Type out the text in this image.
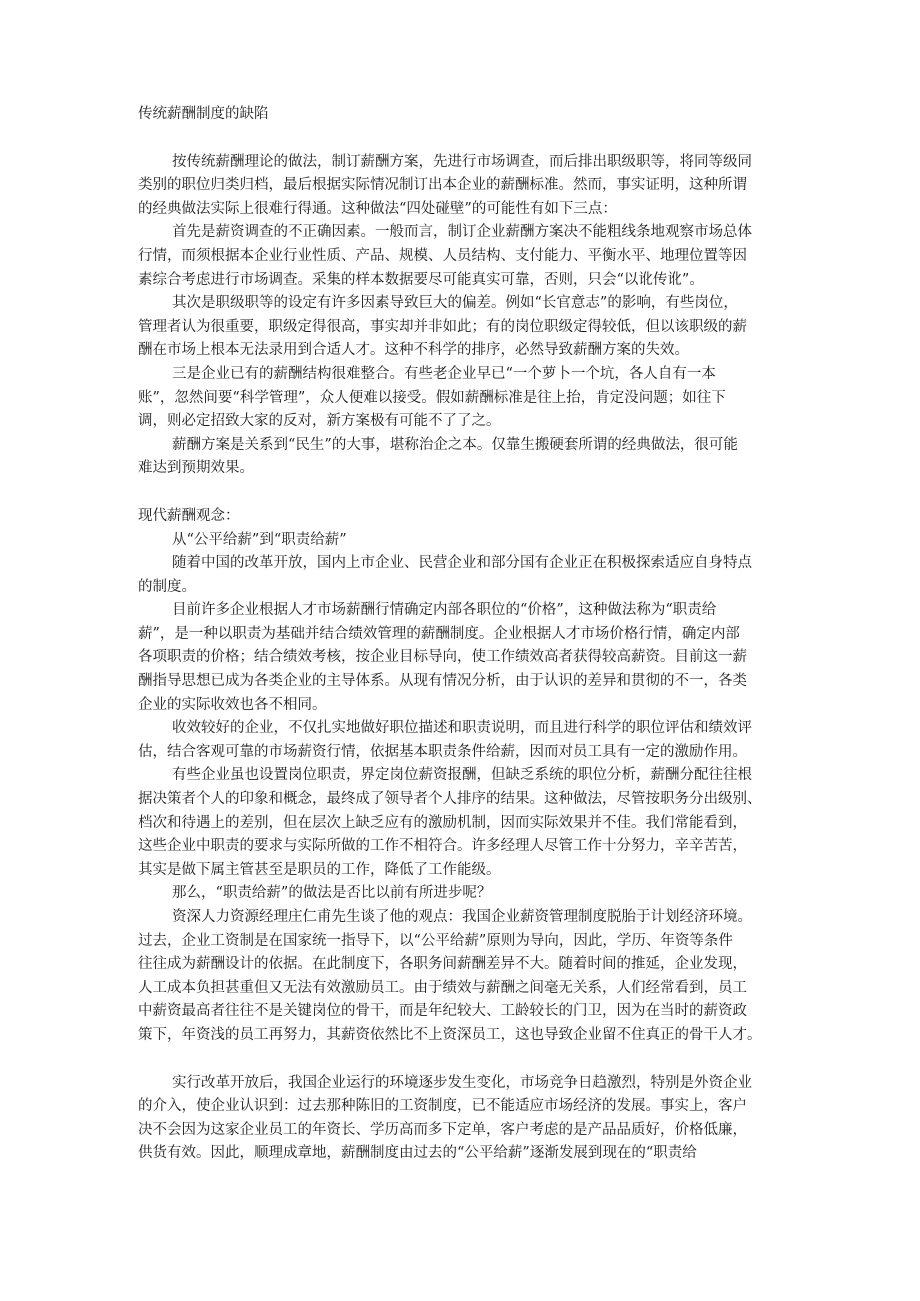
传统薪酬制度的缺陷
按传统薪酬理论的做法，制订薪酬方案，先进行市场调查，而后排出职级职等，将同等级同
类别的职位归类归档，最后根据实际情况制订出本企业的薪酬标准。然而，事实证明，这种所谓
的经典做法实际上很难行得通。这种做法“四处碰壁”的可能性有如下三点：
首先是薪资调查的不正确因素。一般而言，制订企业薪酬方案决不能粗线条地观察市场总体
行情，而须根据本企业行业性质、产品、规模、人员结构、支付能力、平衡水平、地理位置等因
素综合考虑进行市场调查。采集的样本数据要尽可能真实可靠，否则，只会“以讹传讹”。
其次是职级职等的设定有许多因素导致巨大的偏差。例如“长官意志”的影响，有些岗位，
管理者认为很重要，职级定得很高，事实却并非如此；有的岗位职级定得较低，但以该职级的薪
酬在市场上根本无法录用到合适人才。这种不科学的排序，必然导致薪酬方案的失效。
三是企业已有的薪酬结构很难整合。有些老企业早已“一个萝卜一个坑，各人自有一本
账”，忽然间要“科学管理”，众人便难以接受。假如薪酬标准是往上抬，肯定没问题；如往下
调，则必定招致大家的反对，新方案极有可能不了了之。
薪酬方案是关系到“民生”的大事，堪称治企之本。仅靠生搬硬套所谓的经典做法，很可能
难达到预期效果。
现代薪酬观念：
从“公平给薪”到“职责给薪”
随着中国的改革开放，国内上市企业、民营企业和部分国有企业正在积极探索适应自身特点
的制度。
目前许多企业根据人才市场薪酬行情确定内部各职位的“价格”，这种做法称为“职责给
薪”，是一种以职责为基础并结合绩效管理的薪酬制度。企业根据人才市场价格行情，确定内部
各项职责的价格；结合绩效考核，按企业目标导向，使工作绩效高者获得较高薪资。目前这一薪
酬指导思想已成为各类企业的主导体系。从现有情况分析，由于认识的差异和贯彻的不一，各类
企业的实际收效也各不相同。
收效较好的企业，不仅扎实地做好职位描述和职责说明，而且进行科学的职位评估和绩效评
估，结合客观可靠的市场薪资行情，依据基本职责条件给薪，因而对员工具有一定的激励作用。
有些企业虽也设置岗位职责，界定岗位薪资报酬，但缺乏系统的职位分析，薪酬分配往往根
据决策者个人的印象和概念，最终成了领导者个人排序的结果。这种做法，尽管按职务分出级别、
档次和待遇上的差别，但在层次上缺乏应有的激励机制，因而实际效果并不佳。我们常能看到，
这些企业中职责的要求与实际所做的工作不相符合。许多经理人尽管工作十分努力，辛辛苦苦，
其实是做下属主管甚至是职员的工作，降低了工作能级。
那么，“职责给薪”的做法是否比以前有所进步呢？
资深人力资源经理庄仁甫先生谈了他的观点：我国企业薪资管理制度脱胎于计划经济环境。
过去，企业工资制是在国家统一指导下，以“公平给薪”原则为导向，因此，学历、年资等条件
往往成为薪酬设计的依据。在此制度下，各职务间薪酬差异不大。随着时间的推延，企业发现，
人工成本负担甚重但又无法有效激励员工。由于绩效与薪酬之间毫无关系，人们经常看到，员工
中薪资最高者往往不是关键岗位的骨干，而是年纪较大、工龄较长的门卫，因为在当时的薪资政
策下，年资浅的员工再努力，其薪资依然比不上资深员工，这也导致企业留不住真正的骨干人才。
实行改革开放后，我国企业运行的环境逐步发生变化，市场竞争日趋激烈，特别是外资企业
的介入，使企业认识到：过去那种陈旧的工资制度，已不能适应市场经济的发展。事实上，客户
决不会因为这家企业员工的年资长、学历高而多下定单，客户考虑的是产品品质好，价格低廉，
供货有效。因此，顺理成章地，薪酬制度由过去的“公平给薪”逐渐发展到现在的“职责给
